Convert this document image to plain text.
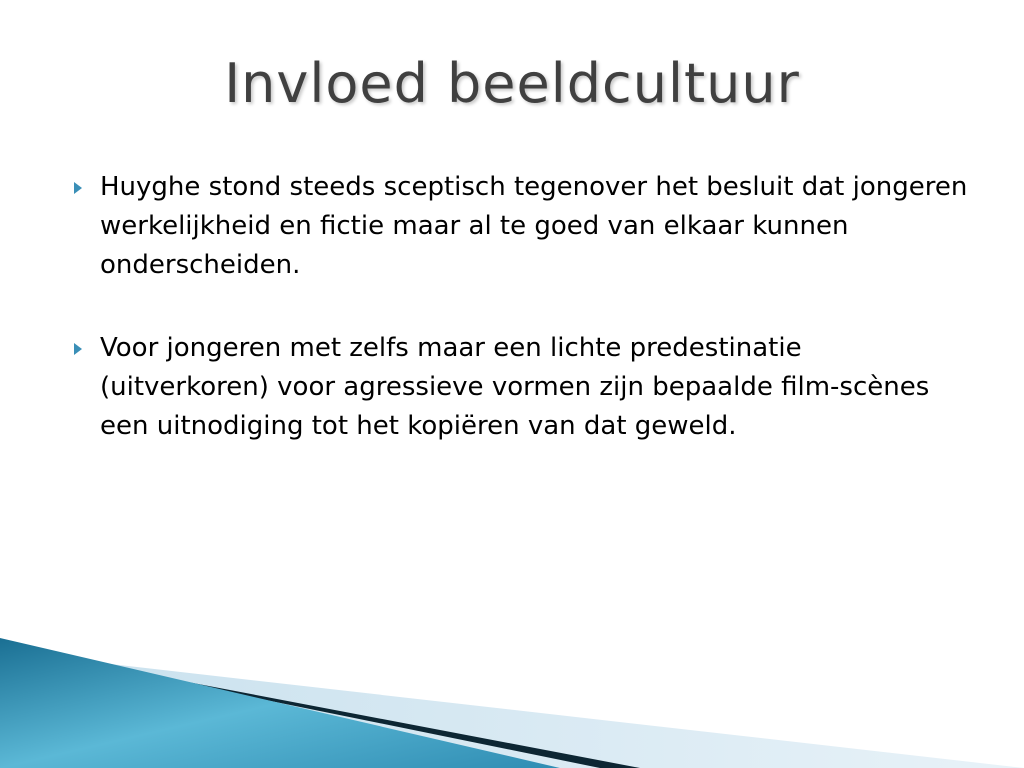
Invloed beeldcultuur
Huyghe stond steeds sceptisch tegenover het besluit dat jongeren werkelijkheid en fictie maar al te goed van elkaar kunnen onderscheiden.
Voor jongeren met zelfs maar een lichte predestinatie (uitverkoren) voor agressieve vormen zijn bepaalde film-scènes een uitnodiging tot het kopiëren van dat geweld.
